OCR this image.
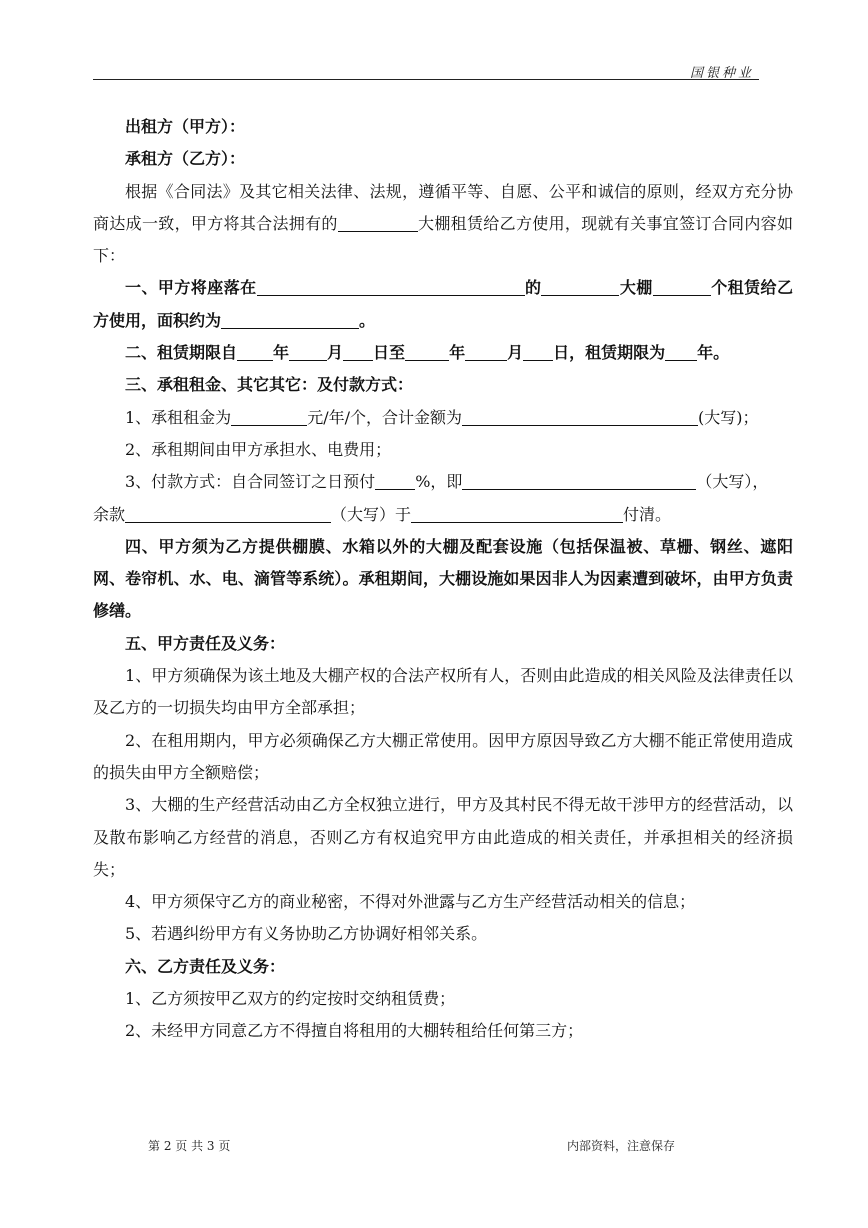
国银种业

出租方（甲方）：

承租方（乙方）：

根据《合同法》及其它相关法律、法规，遵循平等、自愿、公平和诚信的原则，经双方充分协商达成一致，甲方将其合法拥有的	大棚租赁给乙方使用，现就有关事宜签订合同内容如下：

一、甲方将座落在	的	大棚	个租赁给乙方使用，面积约为	。

二、租赁期限自 年 月 日至	年	月 日，租赁期限为 年。

三、承租租金、其它其它：及付款方式：

1、承租租金为	元/年/个，合计金额为	(大写)；

2、承租期间由甲方承担水、电费用；

3、付款方式：自合同签订之日预付	%，即	（大写），

余款	（大写）于	付清。

四、甲方须为乙方提供棚膜、水箱以外的大棚及配套设施（包括保温被、草栅、钢丝、遮阳网、卷帘机、水、电、滴管等系统）。承租期间，大棚设施如果因非人为因素遭到破坏，由甲方负责修缮。

五、甲方责任及义务：

1、甲方须确保为该土地及大棚产权的合法产权所有人，否则由此造成的相关风险及法律责任以及乙方的一切损失均由甲方全部承担；

2、在租用期内，甲方必须确保乙方大棚正常使用。因甲方原因导致乙方大棚不能正常使用造成的损失由甲方全额赔偿；

3、大棚的生产经营活动由乙方全权独立进行，甲方及其村民不得无故干涉甲方的经营活动，以及散布影响乙方经营的消息，否则乙方有权追究甲方由此造成的相关责任，并承担相关的经济损失；

4、甲方须保守乙方的商业秘密，不得对外泄露与乙方生产经营活动相关的信息；

5、若遇纠纷甲方有义务协助乙方协调好相邻关系。

六、乙方责任及义务：

1、乙方须按甲乙双方的约定按时交纳租赁费；

2、未经甲方同意乙方不得擅自将租用的大棚转租给任何第三方；

第 2 页 共 3 页	内部资料，注意保存
